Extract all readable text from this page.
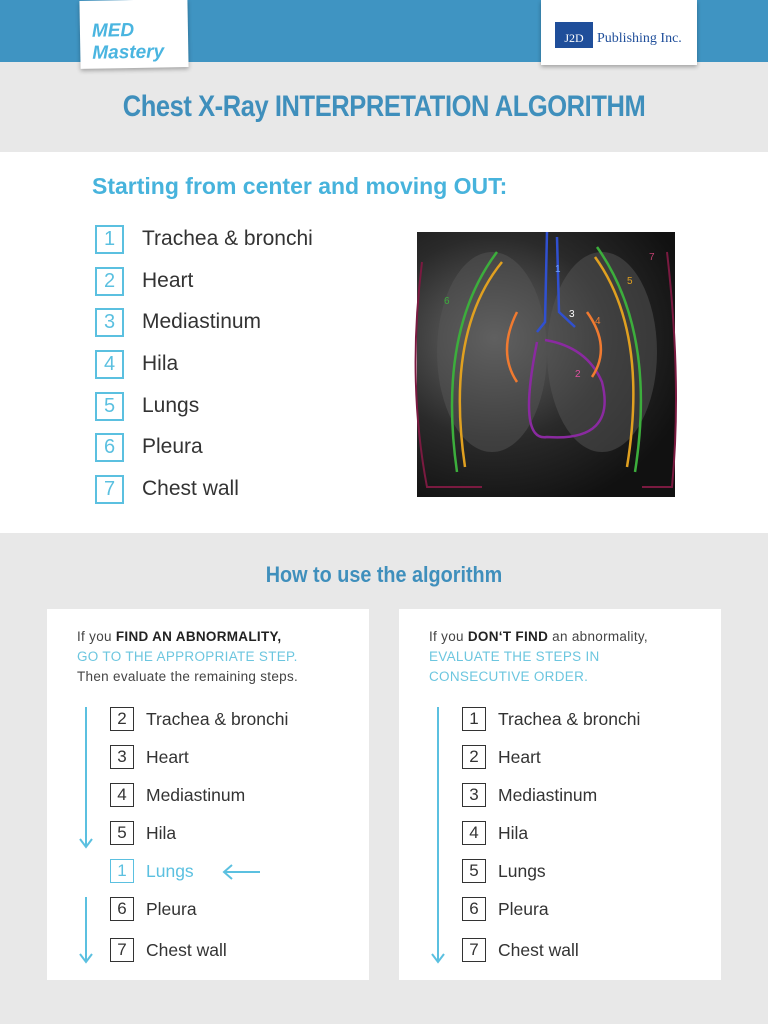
MED Mastery
J2D Publishing Inc.
Chest X-Ray INTERPRETATION ALGORITHM
Starting from center and moving OUT:
1	Trachea & bronchi
2	Heart
3	Mediastinum
4	Hila
5	Lungs
6	Pleura
7	Chest wall
1
2
3
4
5
6
7
How to use the algorithm
If you FIND AN ABNORMALITY,
GO TO THE APPROPRIATE STEP.
Then evaluate the remaining steps.
2	Trachea & bronchi
3	Heart
4	Mediastinum
5	Hila
1	Lungs
6	Pleura
7	Chest wall
If you DON‘T FIND an abnormality,
EVALUATE THE STEPS IN
CONSECUTIVE ORDER.
1	Trachea & bronchi
2	Heart
3	Mediastinum
4	Hila
5	Lungs
6	Pleura
7	Chest wall
